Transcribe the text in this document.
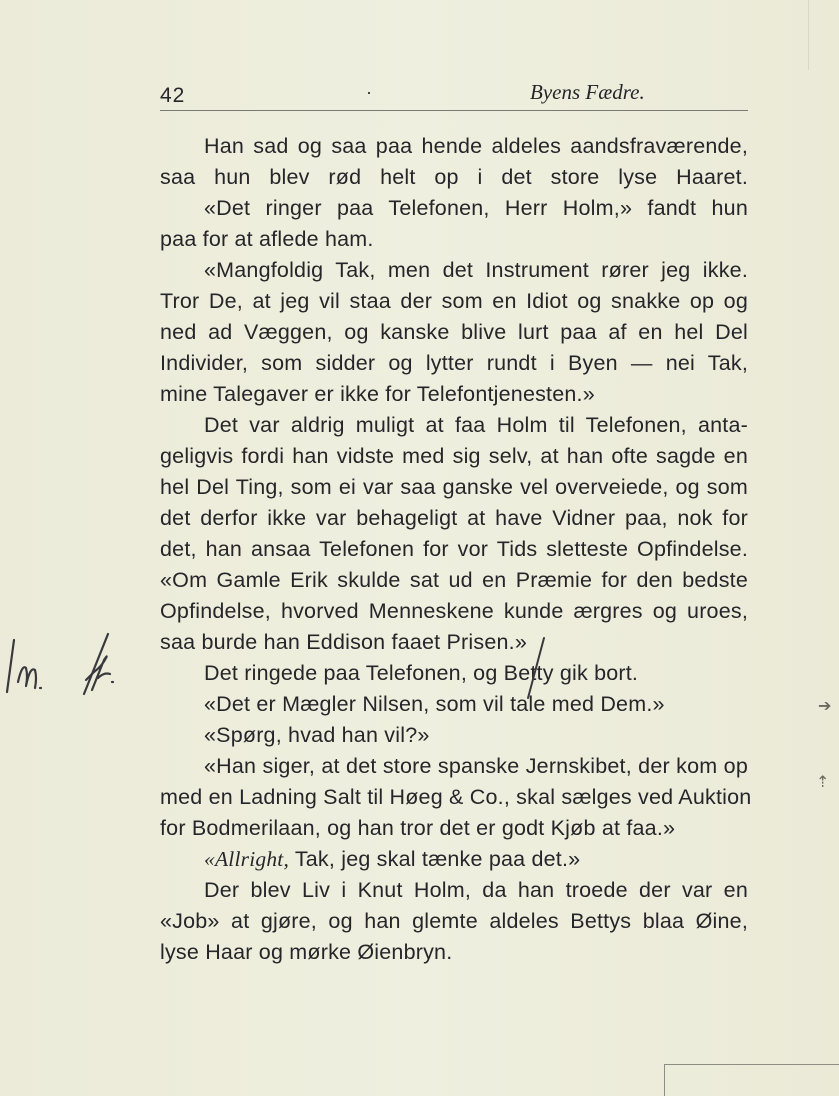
42	·	Byens Fædre.
Han sad og saa paa hende aldeles aandsfraværende,
saa hun blev rød helt op i det store lyse Haaret.
«Det ringer paa Telefonen, Herr Holm,» fandt hun
paa for at aflede ham.
«Mangfoldig Tak, men det Instrument rører jeg ikke.
Tror De, at jeg vil staa der som en Idiot og snakke op og
ned ad Væggen, og kanske blive lurt paa af en hel Del
Individer, som sidder og lytter rundt i Byen — nei Tak,
mine Talegaver er ikke for Telefontjenesten.»
Det var aldrig muligt at faa Holm til Telefonen, anta-
geligvis fordi han vidste med sig selv, at han ofte sagde en
hel Del Ting, som ei var saa ganske vel overveiede, og som
det derfor ikke var behageligt at have Vidner paa, nok for
det, han ansaa Telefonen for vor Tids sletteste Opfindelse.
«Om Gamle Erik skulde sat ud en Præmie for den bedste
Opfindelse, hvorved Menneskene kunde ærgres og uroes,
saa burde han Eddison faaet Prisen.»
Det ringede paa Telefonen, og Betty gik bort.
«Det er Mægler Nilsen, som vil tale med Dem.»
«Spørg, hvad han vil?»
«Han siger, at det store spanske Jernskibet, der kom op
med en Ladning Salt til Høeg & Co., skal sælges ved Auktion
for Bodmerilaan, og han tror det er godt Kjøb at faa.»
«Allright, Tak, jeg skal tænke paa det.»
Der blev Liv i Knut Holm, da han troede der var en
«Job» at gjøre, og han glemte aldeles Bettys blaa Øine,
lyse Haar og mørke Øienbryn.
➔
⇡
